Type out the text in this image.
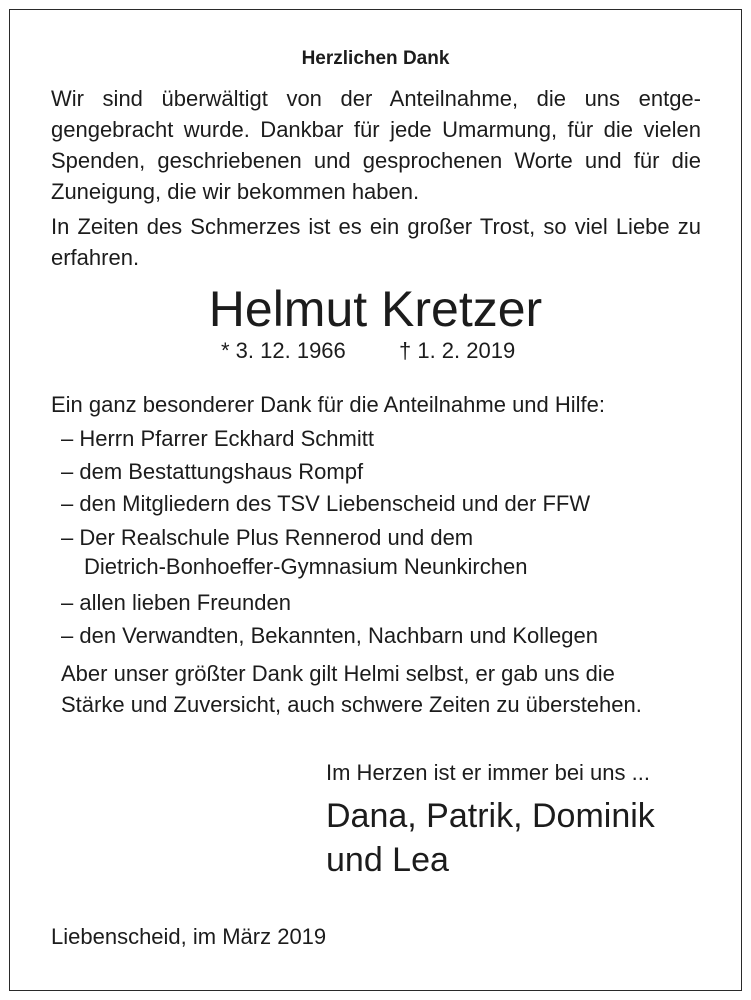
Herzlichen Dank
Wir sind überwältigt von der Anteilnahme, die uns entgegengebracht wurde. Dankbar für jede Umarmung, für die vielen Spenden, geschriebenen und gesprochenen Worte und für die Zuneigung, die wir bekommen haben.
In Zeiten des Schmerzes ist es ein großer Trost, so viel Liebe zu erfahren.
Helmut Kretzer
* 3. 12. 1966 † 1. 2. 2019
Ein ganz besonderer Dank für die Anteilnahme und Hilfe:
– Herrn Pfarrer Eckhard Schmitt
– dem Bestattungshaus Rompf
– den Mitgliedern des TSV Liebenscheid und der FFW
– Der Realschule Plus Rennerod und dem
Dietrich-Bonhoeffer-Gymnasium Neunkirchen
– allen lieben Freunden
– den Verwandten, Bekannten, Nachbarn und Kollegen
Aber unser größter Dank gilt Helmi selbst, er gab uns die
Stärke und Zuversicht, auch schwere Zeiten zu überstehen.
Im Herzen ist er immer bei uns ...
Dana, Patrik, Dominik
und Lea
Liebenscheid, im März 2019
